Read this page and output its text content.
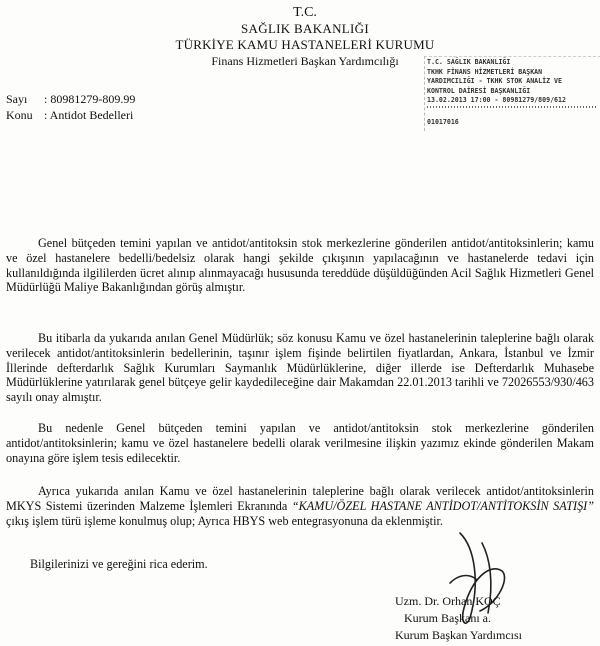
T.C.
SAĞLIK BAKANLIĞI
TÜRKİYE KAMU HASTANELERİ KURUMU
Finans Hizmetleri Başkan Yardımcılığı
Sayı : 80981279-809.99
Konu : Antidot Bedelleri
T.C. SAĞLIK BAKANLIĞI
TKHK FİNANS HİZMETLERİ BAŞKAN
YARDIMCILIĞI - TKHK STOK ANALİZ VE
KONTROL DAİRESİ BAŞKANLIĞI
13.02.2013 17:00 - 80981279/809/612
01017016

Genel bütçeden temini yapılan ve antidot/antitoksin stok merkezlerine gönderilen antidot/antitoksinlerin; kamu ve özel hastanelere bedelli/bedelsiz olarak hangi şekilde çıkışının yapılacağının ve hastanelerde tedavi için kullanıldığında ilgililerden ücret alınıp alınmayacağı hususunda tereddüde düşüldüğünden Acil Sağlık Hizmetleri Genel Müdürlüğü Maliye Bakanlığından görüş almıştır.

Bu itibarla da yukarıda anılan Genel Müdürlük; söz konusu Kamu ve özel hastanelerinin taleplerine bağlı olarak verilecek antidot/antitoksinlerin bedellerinin, taşınır işlem fişinde belirtilen fiyatlardan, Ankara, İstanbul ve İzmir İllerinde defterdarlık Sağlık Kurumları Saymanlık Müdürlüklerine, diğer illerde ise Defterdarlık Muhasebe Müdürlüklerine yatırılarak genel bütçeye gelir kaydedileceğine dair Makamdan 22.01.2013 tarihli ve 72026553/930/463 sayılı onay almıştır.

Bu nedenle Genel bütçeden temini yapılan ve antidot/antitoksin stok merkezlerine gönderilen antidot/antitoksinlerin; kamu ve özel hastanelere bedelli olarak verilmesine ilişkin yazımız ekinde gönderilen Makam onayına göre işlem tesis edilecektir.

Ayrıca yukarıda anılan Kamu ve özel hastanelerinin taleplerine bağlı olarak verilecek antidot/antitoksinlerin MKYS Sistemi üzerinden Malzeme İşlemleri Ekranında “KAMU/ÖZEL HASTANE ANTİDOT/ANTİTOKSİN SATIŞI” çıkış işlem türü işleme konulmuş olup; Ayrıca HBYS web entegrasyonuna da eklenmiştir.

Bilgilerinizi ve gereğini rica ederim.
Uzm. Dr. Orhan KOÇ
Kurum Başkanı a.
Kurum Başkan Yardımcısı
